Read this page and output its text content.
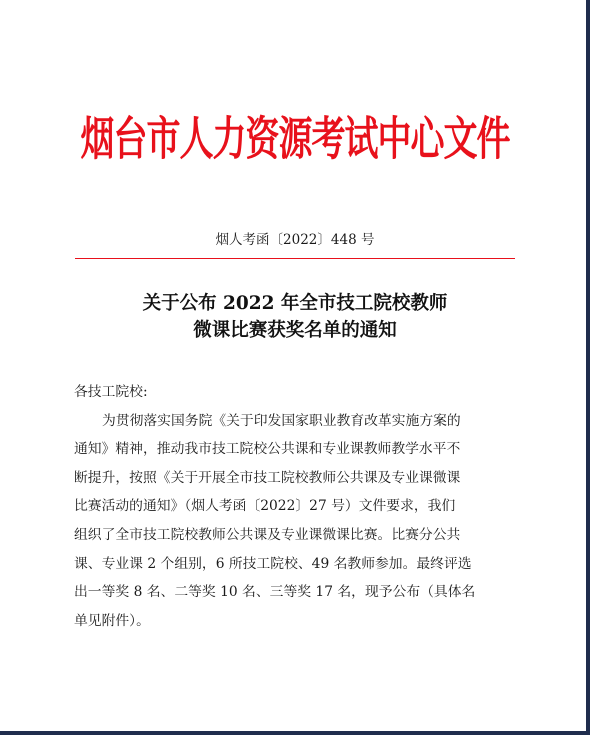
烟台市人力资源考试中心文件
烟人考函〔2022〕448 号
关于公布 2022 年全市技工院校教师
微课比赛获奖名单的通知
各技工院校:
为贯彻落实国务院《关于印发国家职业教育改革实施方案的
通知》精神，推动我市技工院校公共课和专业课教师教学水平不
断提升，按照《关于开展全市技工院校教师公共课及专业课微课
比赛活动的通知》（烟人考函〔2022〕27 号）文件要求，我们
组织了全市技工院校教师公共课及专业课微课比赛。比赛分公共
课、专业课 2 个组别，6 所技工院校、49 名教师参加。最终评选
出一等奖 8 名、二等奖 10 名、三等奖 17 名，现予公布（具体名
单见附件）。
